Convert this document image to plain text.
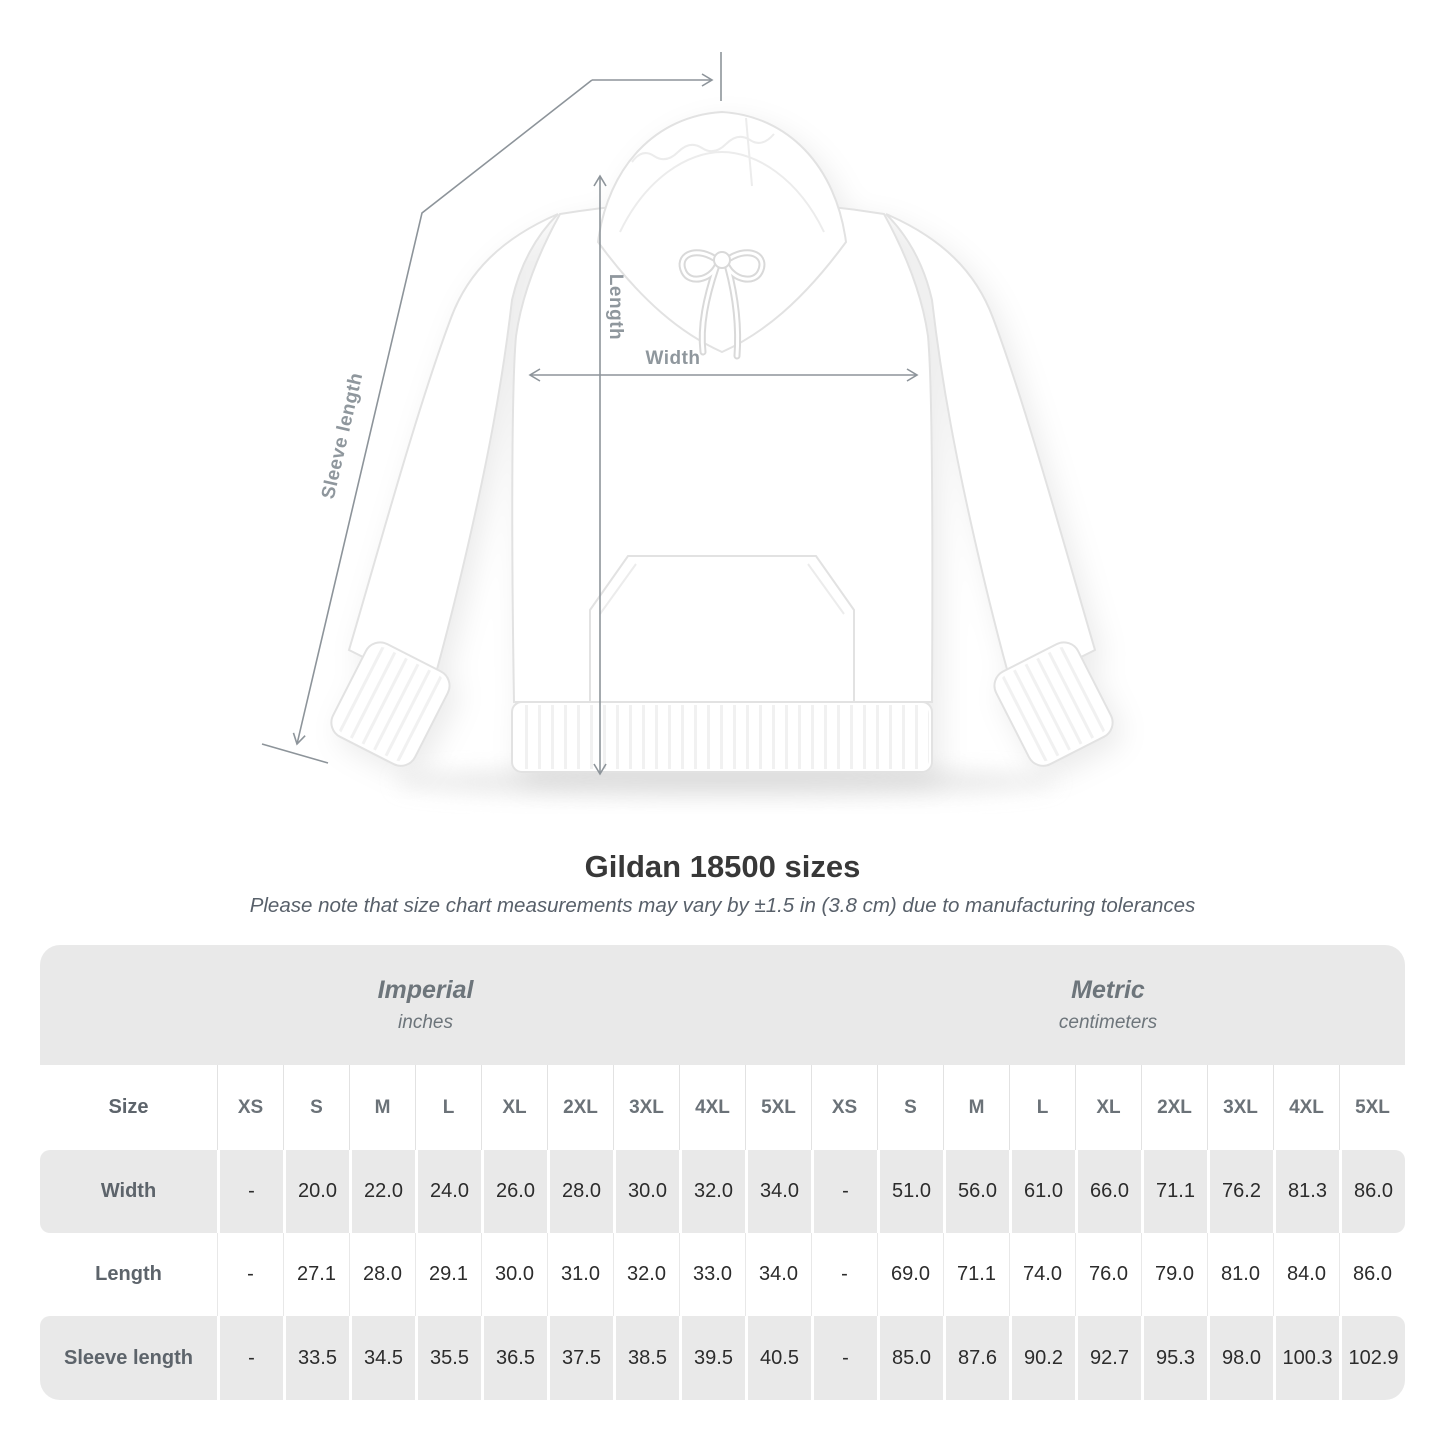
Length
Width
Sleeve length
Gildan 18500 sizes
Please note that size chart measurements may vary by ±1.5 in (3.8 cm) due to manufacturing tolerances
Imperial
inches
Metric
centimeters
Size	XS	S	M	L	XL	2XL	3XL	4XL	5XL	XS	S	M	L	XL	2XL	3XL	4XL	5XL
Width	-	20.0	22.0	24.0	26.0	28.0	30.0	32.0	34.0	-	51.0	56.0	61.0	66.0	71.1	76.2	81.3	86.0
Length	-	27.1	28.0	29.1	30.0	31.0	32.0	33.0	34.0	-	69.0	71.1	74.0	76.0	79.0	81.0	84.0	86.0
Sleeve length	-	33.5	34.5	35.5	36.5	37.5	38.5	39.5	40.5	-	85.0	87.6	90.2	92.7	95.3	98.0	100.3	102.9
